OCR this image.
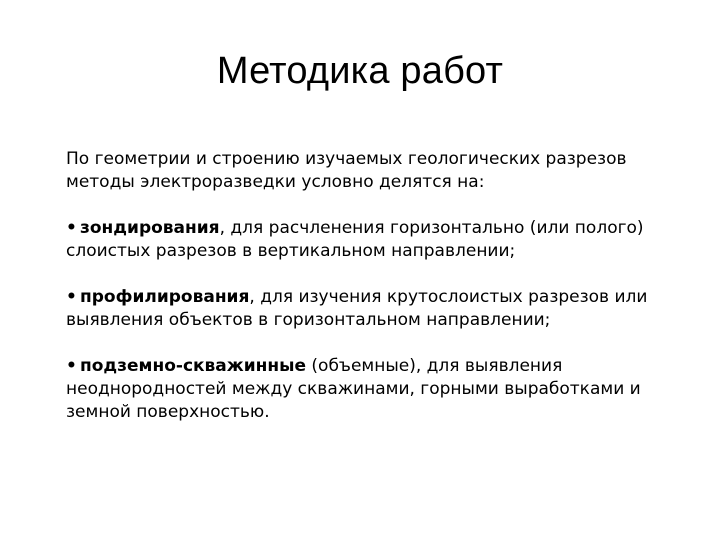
Методика работ

По геометрии и строению изучаемых геологических разрезов методы электроразведки условно делятся на:

• зондирования, для расчленения горизонтально (или полого) слоистых разрезов в вертикальном направлении;

• профилирования, для изучения крутослоистых разрезов или выявления объектов в горизонтальном направлении;

• подземно-скважинные (объемные), для выявления неоднородностей между скважинами, горными выработками и земной поверхностью.
